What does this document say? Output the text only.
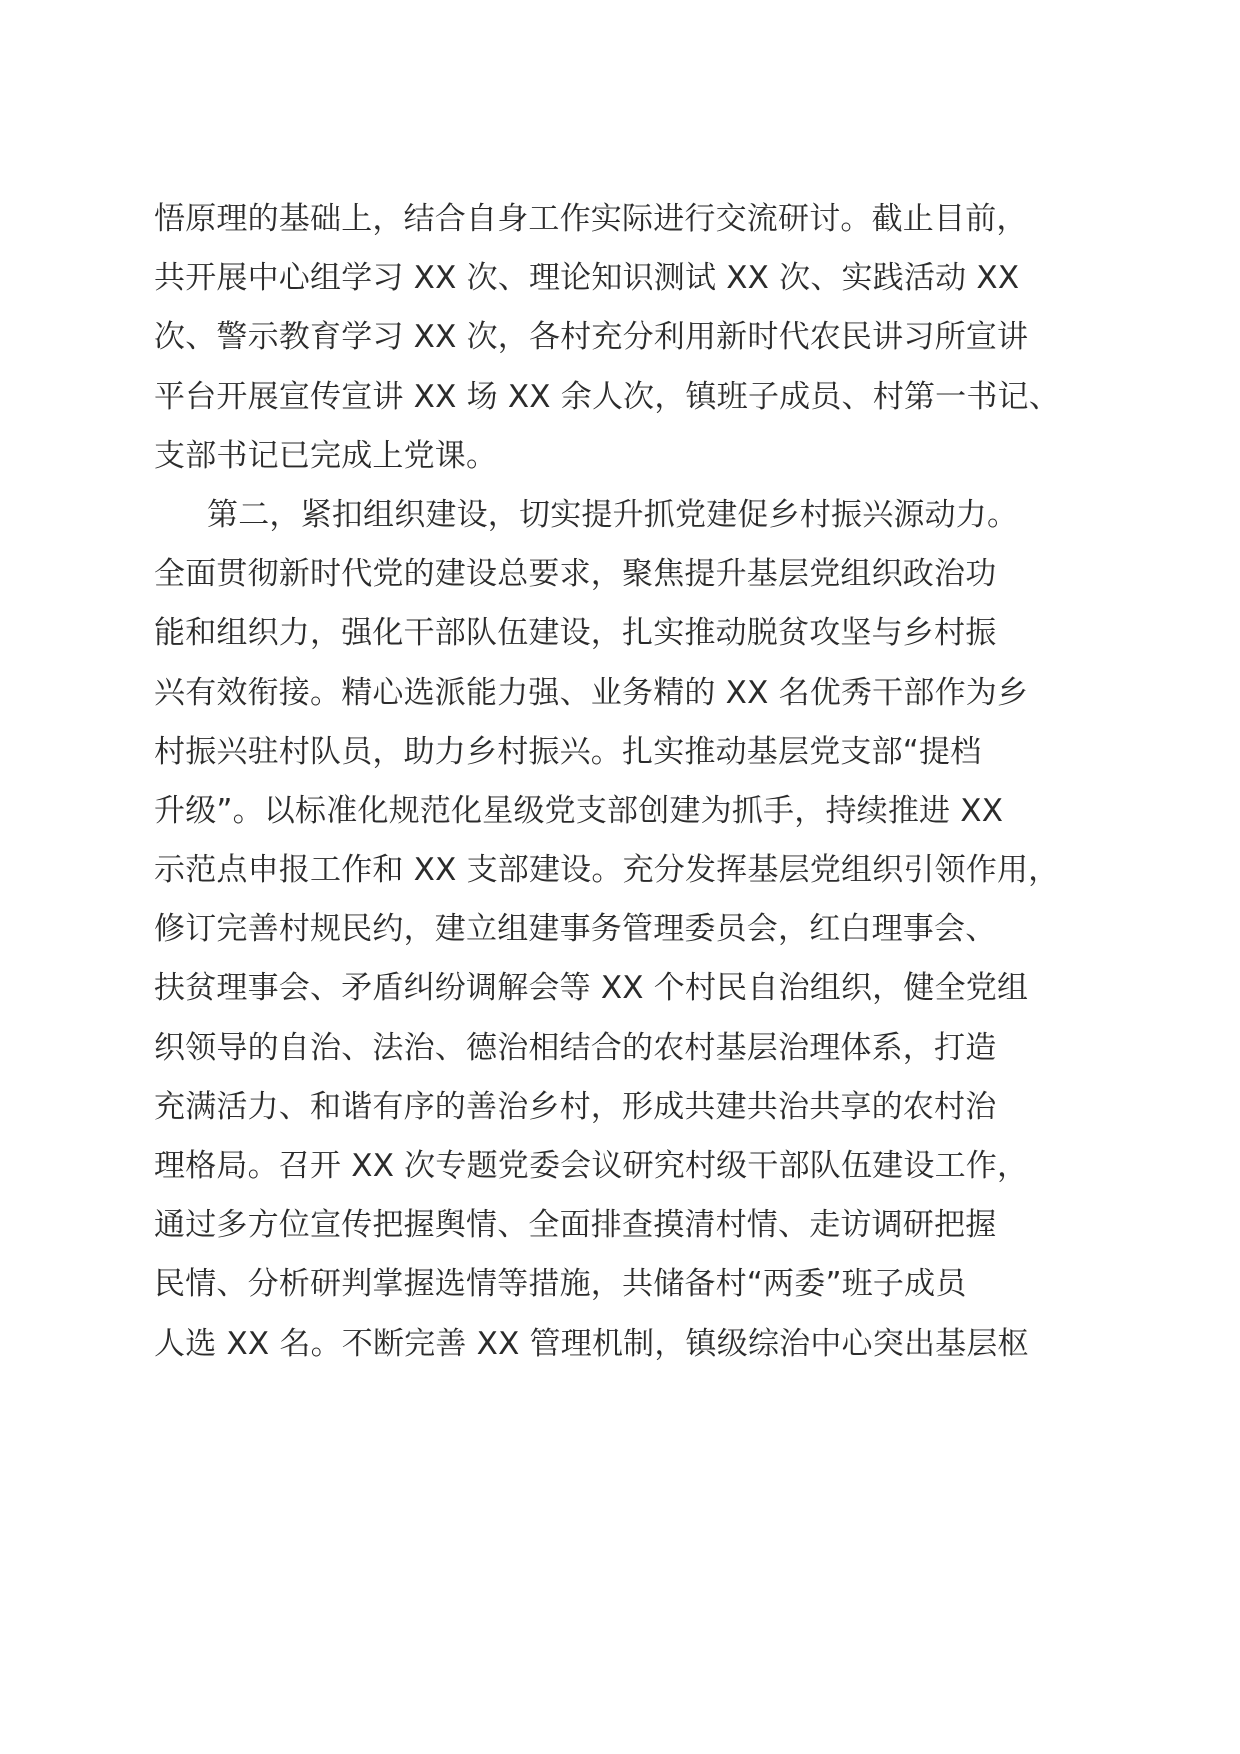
悟原理的基础上，结合自身工作实际进行交流研讨。截止目前，
共开展中心组学习 XX 次、理论知识测试 XX 次、实践活动 XX
次、警示教育学习 XX 次，各村充分利用新时代农民讲习所宣讲
平台开展宣传宣讲 XX 场 XX 余人次，镇班子成员、村第一书记、
支部书记已完成上党课。
第二，紧扣组织建设，切实提升抓党建促乡村振兴源动力。
全面贯彻新时代党的建设总要求，聚焦提升基层党组织政治功
能和组织力，强化干部队伍建设，扎实推动脱贫攻坚与乡村振
兴有效衔接。精心选派能力强、业务精的 XX 名优秀干部作为乡
村振兴驻村队员，助力乡村振兴。扎实推动基层党支部“提档
升级”。以标准化规范化星级党支部创建为抓手，持续推进 XX
示范点申报工作和 XX 支部建设。充分发挥基层党组织引领作用，
修订完善村规民约，建立组建事务管理委员会，红白理事会、
扶贫理事会、矛盾纠纷调解会等 XX 个村民自治组织，健全党组
织领导的自治、法治、德治相结合的农村基层治理体系，打造
充满活力、和谐有序的善治乡村，形成共建共治共享的农村治
理格局。召开 XX 次专题党委会议研究村级干部队伍建设工作，
通过多方位宣传把握舆情、全面排查摸清村情、走访调研把握
民情、分析研判掌握选情等措施，共储备村“两委”班子成员
人选 XX 名。不断完善 XX 管理机制，镇级综治中心突出基层枢
